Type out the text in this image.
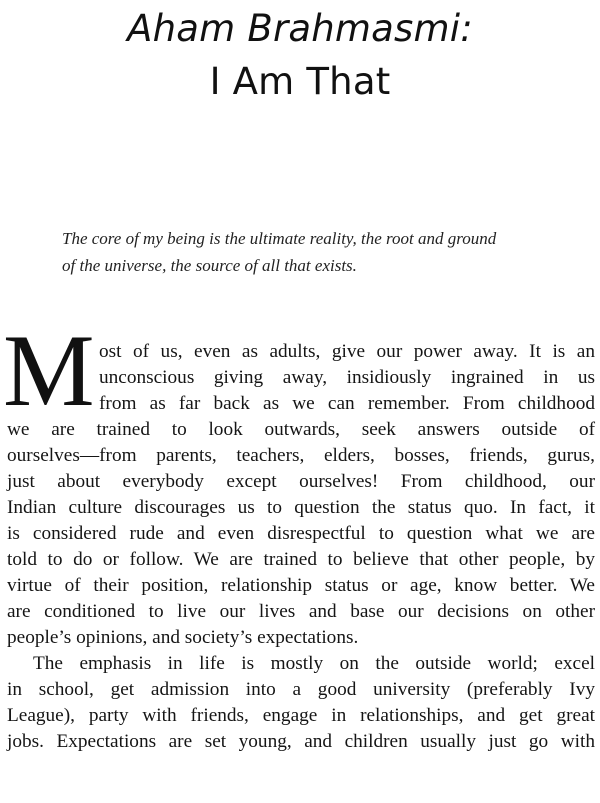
Aham Brahmasmi:
I Am That
The core of my being is the ultimate reality, the root and ground
of the universe, the source of all that exists.
M ost of us, even as adults, give our power away. It is an
unconscious giving away, insidiously ingrained in us
from as far back as we can remember. From childhood
we are trained to look outwards, seek answers outside of
ourselves—from parents, teachers, elders, bosses, friends, gurus,
just about everybody except ourselves! From childhood, our
Indian culture discourages us to question the status quo. In fact, it
is considered rude and even disrespectful to question what we are
told to do or follow. We are trained to believe that other people, by
virtue of their position, relationship status or age, know better. We
are conditioned to live our lives and base our decisions on other
people’s opinions, and society’s expectations.
The emphasis in life is mostly on the outside world; excel
in school, get admission into a good university (preferably Ivy
League), party with friends, engage in relationships, and get great
jobs. Expectations are set young, and children usually just go with
